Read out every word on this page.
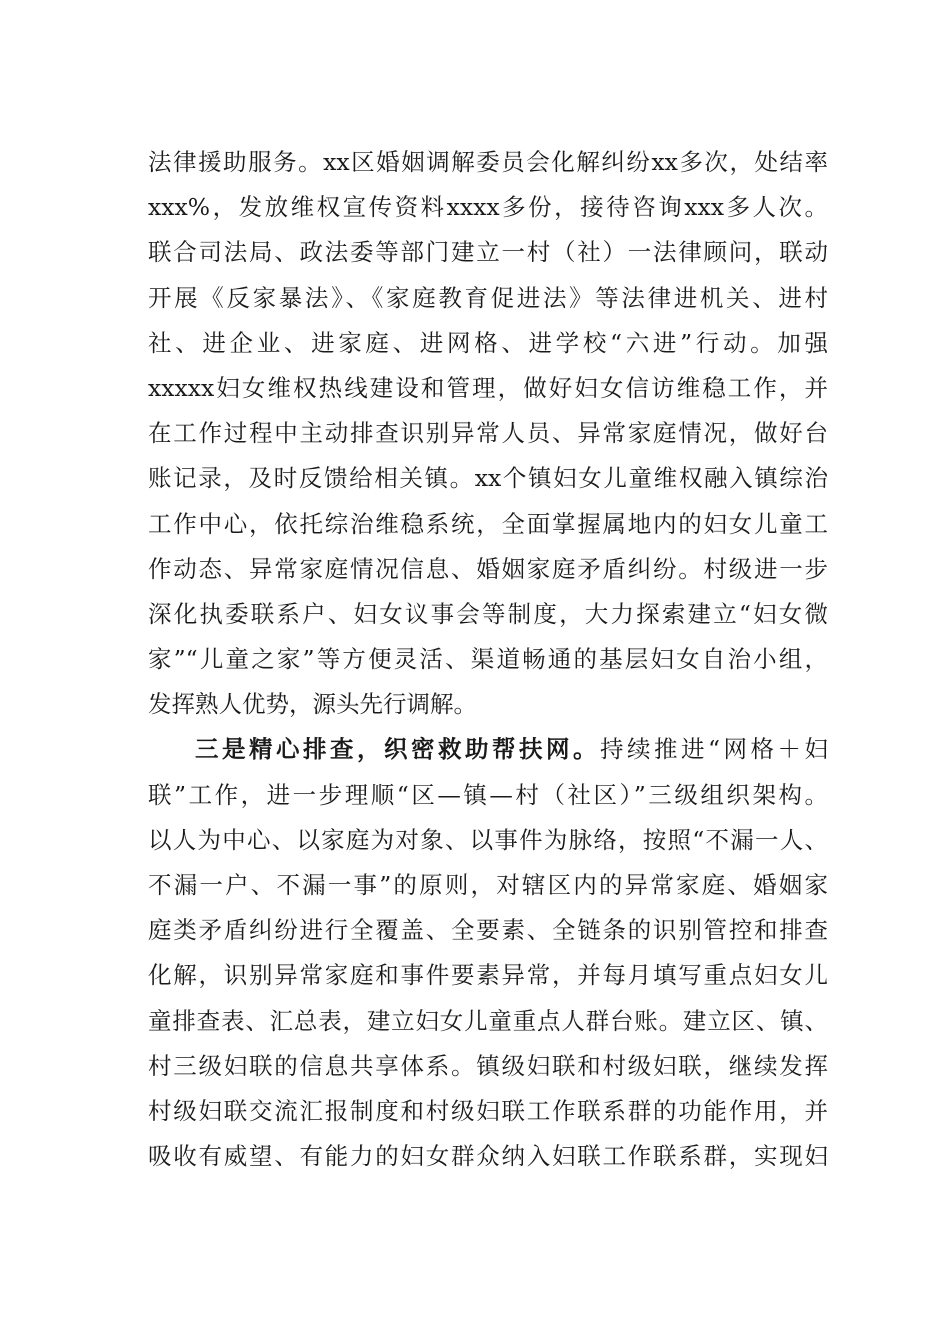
法律援助服务。xx区婚姻调解委员会化解纠纷xx多次，处结率
xxx%，发放维权宣传资料xxxx多份，接待咨询xxx多人次。
联合司法局、政法委等部门建立一村（社）一法律顾问，联动
开展《反家暴法》、《家庭教育促进法》等法律进机关、进村
社、进企业、进家庭、进网格、进学校“六进”行动。加强
xxxxx妇女维权热线建设和管理，做好妇女信访维稳工作，并
在工作过程中主动排查识别异常人员、异常家庭情况，做好台
账记录，及时反馈给相关镇。xx个镇妇女儿童维权融入镇综治
工作中心，依托综治维稳系统，全面掌握属地内的妇女儿童工
作动态、异常家庭情况信息、婚姻家庭矛盾纠纷。村级进一步
深化执委联系户、妇女议事会等制度，大力探索建立“妇女微
家”“儿童之家”等方便灵活、渠道畅通的基层妇女自治小组，
发挥熟人优势，源头先行调解。
三是精心排查，织密救助帮扶网。持续推进“网格＋妇
联”工作，进一步理顺“区—镇—村（社区）”三级组织架构。
以人为中心、以家庭为对象、以事件为脉络，按照“不漏一人、
不漏一户、不漏一事”的原则，对辖区内的异常家庭、婚姻家
庭类矛盾纠纷进行全覆盖、全要素、全链条的识别管控和排查
化解，识别异常家庭和事件要素异常，并每月填写重点妇女儿
童排查表、汇总表，建立妇女儿童重点人群台账。建立区、镇、
村三级妇联的信息共享体系。镇级妇联和村级妇联，继续发挥
村级妇联交流汇报制度和村级妇联工作联系群的功能作用，并
吸收有威望、有能力的妇女群众纳入妇联工作联系群，实现妇
